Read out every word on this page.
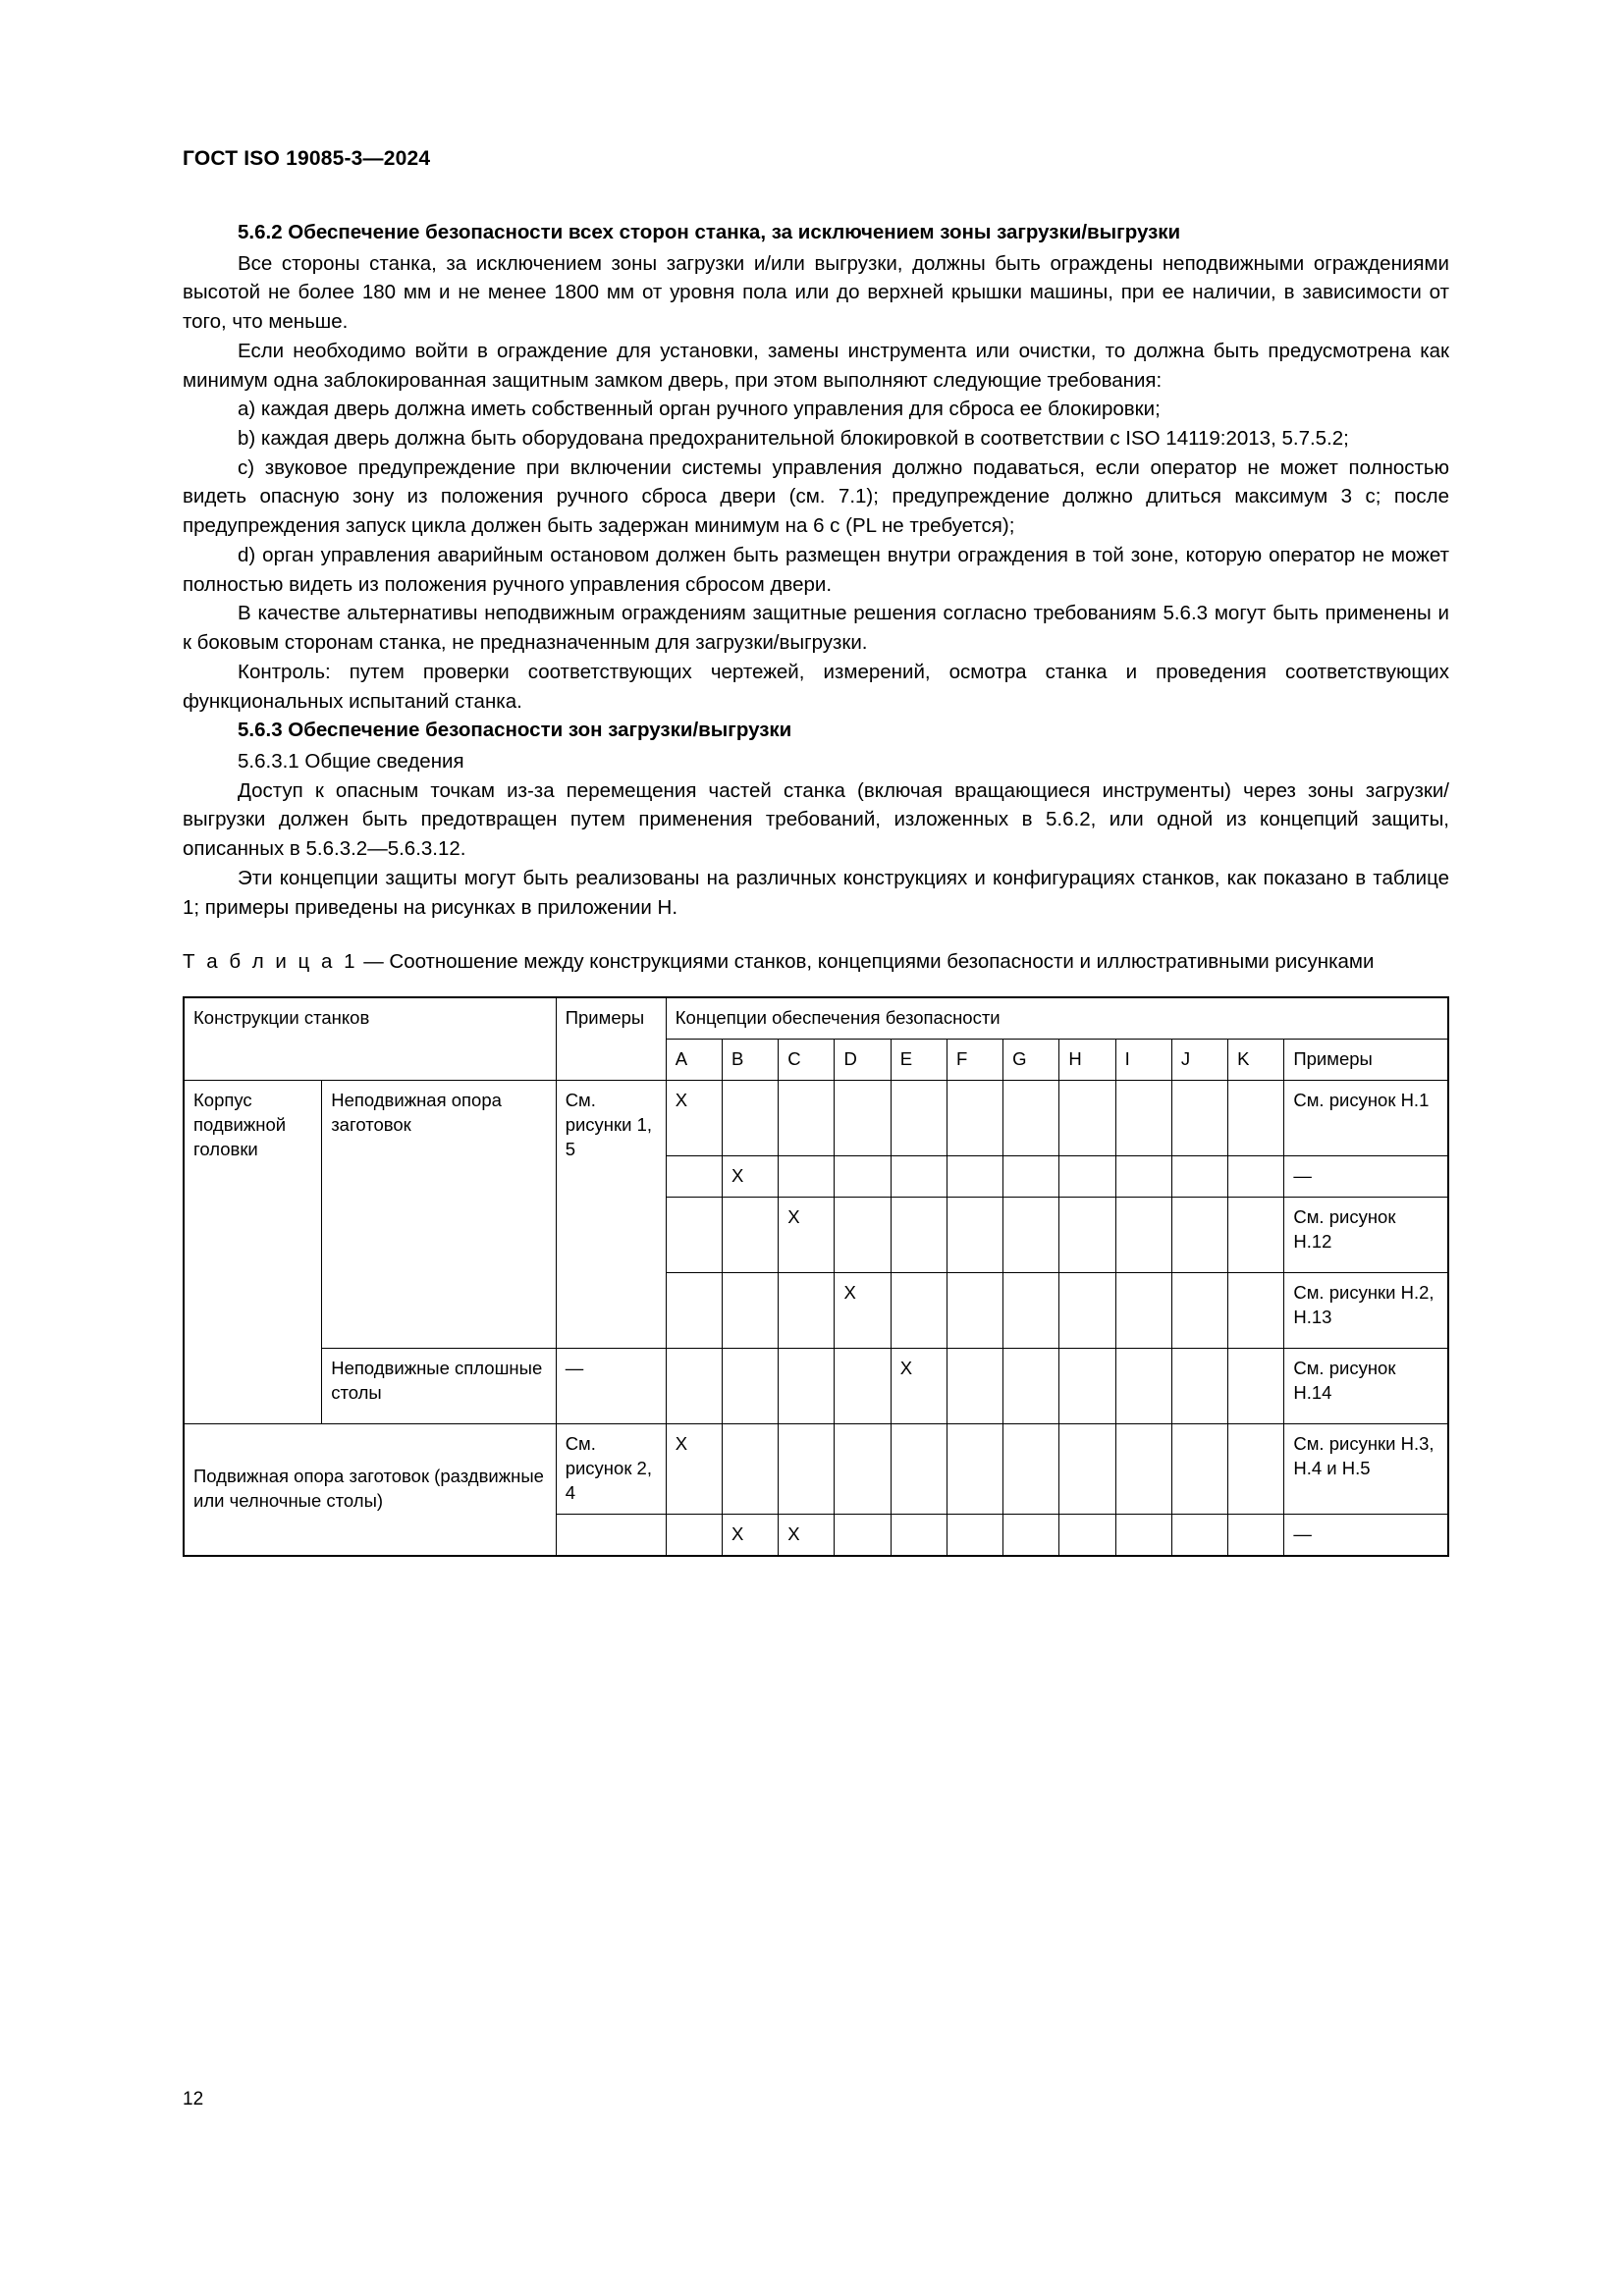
ГОСТ ISO 19085-3—2024

5.6.2 Обеспечение безопасности всех сторон станка, за исключением зоны загрузки/выгрузки

Все стороны станка, за исключением зоны загрузки и/или выгрузки, должны быть ограждены неподвижными ограждениями высотой не более 180 мм и не менее 1800 мм от уровня пола или до верхней крышки машины, при ее наличии, в зависимости от того, что меньше.

Если необходимо войти в ограждение для установки, замены инструмента или очистки, то должна быть предусмотрена как минимум одна заблокированная защитным замком дверь, при этом выполняют следующие требования:

a) каждая дверь должна иметь собственный орган ручного управления для сброса ее блокировки;

b) каждая дверь должна быть оборудована предохранительной блокировкой в соответствии с ISO 14119:2013, 5.7.5.2;

c) звуковое предупреждение при включении системы управления должно подаваться, если оператор не может полностью видеть опасную зону из положения ручного сброса двери (см. 7.1); предупреждение должно длиться максимум 3 c; после предупреждения запуск цикла должен быть задержан минимум на 6 c (PL не требуется);

d) орган управления аварийным остановом должен быть размещен внутри ограждения в той зоне, которую оператор не может полностью видеть из положения ручного управления сбросом двери.

В качестве альтернативы неподвижным ограждениям защитные решения согласно требованиям 5.6.3 могут быть применены и к боковым сторонам станка, не предназначенным для загрузки/выгрузки.

Контроль: путем проверки соответствующих чертежей, измерений, осмотра станка и проведения соответствующих функциональных испытаний станка.

5.6.3 Обеспечение безопасности зон загрузки/выгрузки

5.6.3.1 Общие сведения

Доступ к опасным точкам из-за перемещения частей станка (включая вращающиеся инструменты) через зоны загрузки/выгрузки должен быть предотвращен путем применения требований, изложенных в 5.6.2, или одной из концепций защиты, описанных в 5.6.3.2—5.6.3.12.

Эти концепции защиты могут быть реализованы на различных конструкциях и конфигурациях станков, как показано в таблице 1; примеры приведены на рисунках в приложении Н.

Т а б л и ц а 1 — Соотношение между конструкциями станков, концепциями безопасности и иллюстративными рисунками
Конструкции станков		Примеры	Концепции обеспечения безопасности											
			A	B	C	D	E	F	G	H	I	J	K	Примеры
Корпус подвижной головки	Неподвижная опора заготовок	См. рисунки 1, 5	X											См. рисунок Н.1
				X										—
					X									См. рисунок Н.12
						X								См. рисунки Н.2, Н.13
	Неподвижные сплошные столы	—					X							См. рисунок Н.14
Подвижная опора заготовок (раздвижные или челночные столы)		См. рисунок 2, 4	X											См. рисунки Н.3, Н.4 и Н.5
				X	X									—
12
